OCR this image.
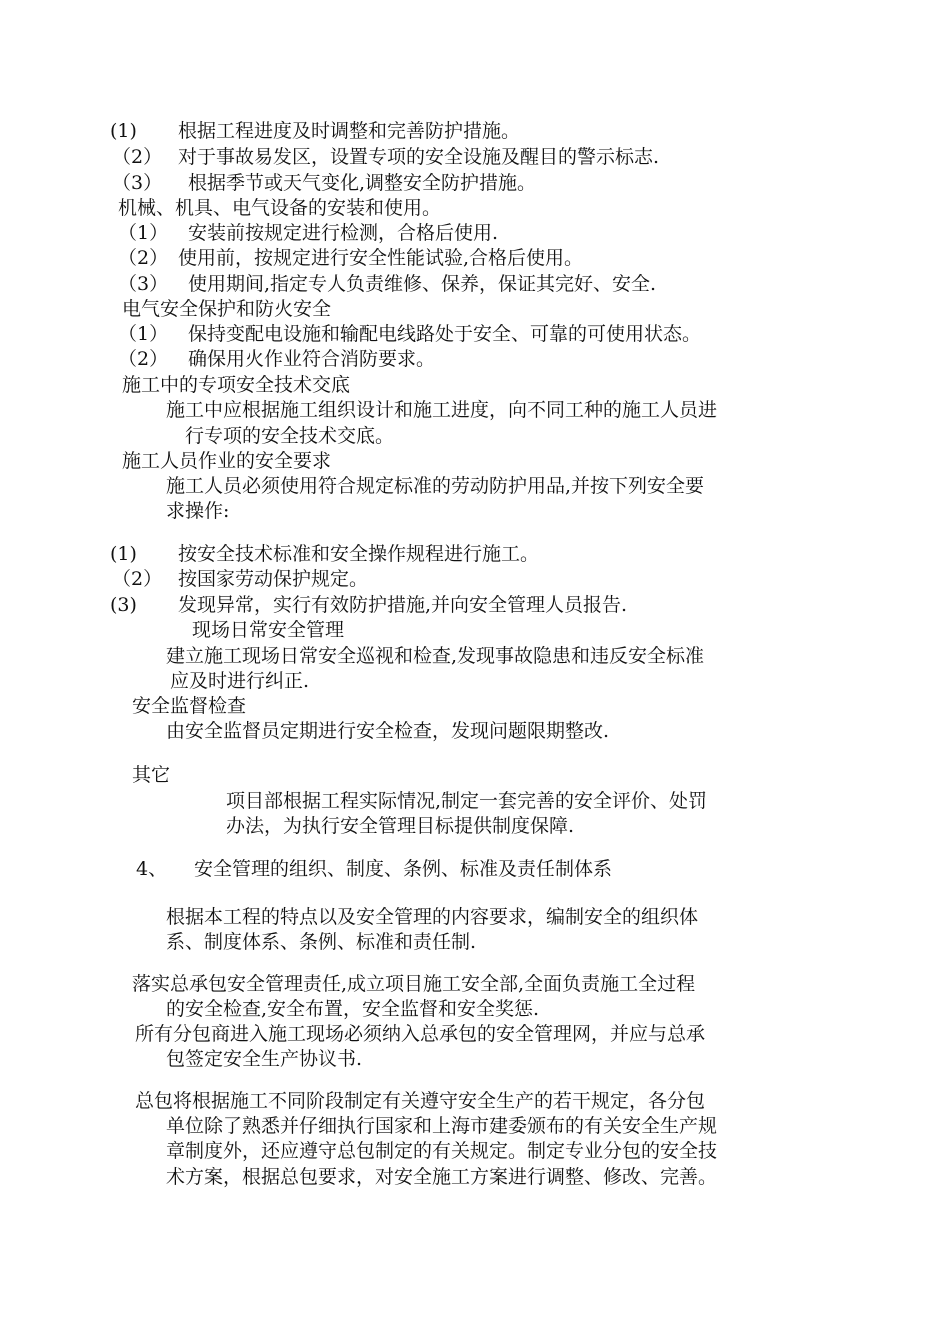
(1) 根据工程进度及时调整和完善防护措施。
（2） 对于事故易发区，设置专项的安全设施及醒目的警示标志.
（3） 根据季节或天气变化,调整安全防护措施。
机械、机具、电气设备的安装和使用。
（1） 安装前按规定进行检测，合格后使用.
（2） 使用前，按规定进行安全性能试验,合格后使用。
（3） 使用期间,指定专人负责维修、保养，保证其完好、安全.
电气安全保护和防火安全
（1） 保持变配电设施和输配电线路处于安全、可靠的可使用状态。
（2） 确保用火作业符合消防要求。
施工中的专项安全技术交底
施工中应根据施工组织设计和施工进度，向不同工种的施工人员进
行专项的安全技术交底。
施工人员作业的安全要求
施工人员必须使用符合规定标准的劳动防护用品,并按下列安全要
求操作:
(1) 按安全技术标准和安全操作规程进行施工。
（2） 按国家劳动保护规定。
(3) 发现异常，实行有效防护措施,并向安全管理人员报告.
现场日常安全管理
建立施工现场日常安全巡视和检查,发现事故隐患和违反安全标准
应及时进行纠正.
安全监督检查
由安全监督员定期进行安全检查，发现问题限期整改.
其它
项目部根据工程实际情况,制定一套完善的安全评价、处罚
办法，为执行安全管理目标提供制度保障.
4、 安全管理的组织、制度、条例、标准及责任制体系
根据本工程的特点以及安全管理的内容要求，编制安全的组织体
系、制度体系、条例、标准和责任制.
落实总承包安全管理责任,成立项目施工安全部,全面负责施工全过程
的安全检查,安全布置，安全监督和安全奖惩.
所有分包商进入施工现场必须纳入总承包的安全管理网，并应与总承
包签定安全生产协议书.
总包将根据施工不同阶段制定有关遵守安全生产的若干规定，各分包
单位除了熟悉并仔细执行国家和上海市建委颁布的有关安全生产规
章制度外，还应遵守总包制定的有关规定。制定专业分包的安全技
术方案，根据总包要求，对安全施工方案进行调整、修改、完善。
